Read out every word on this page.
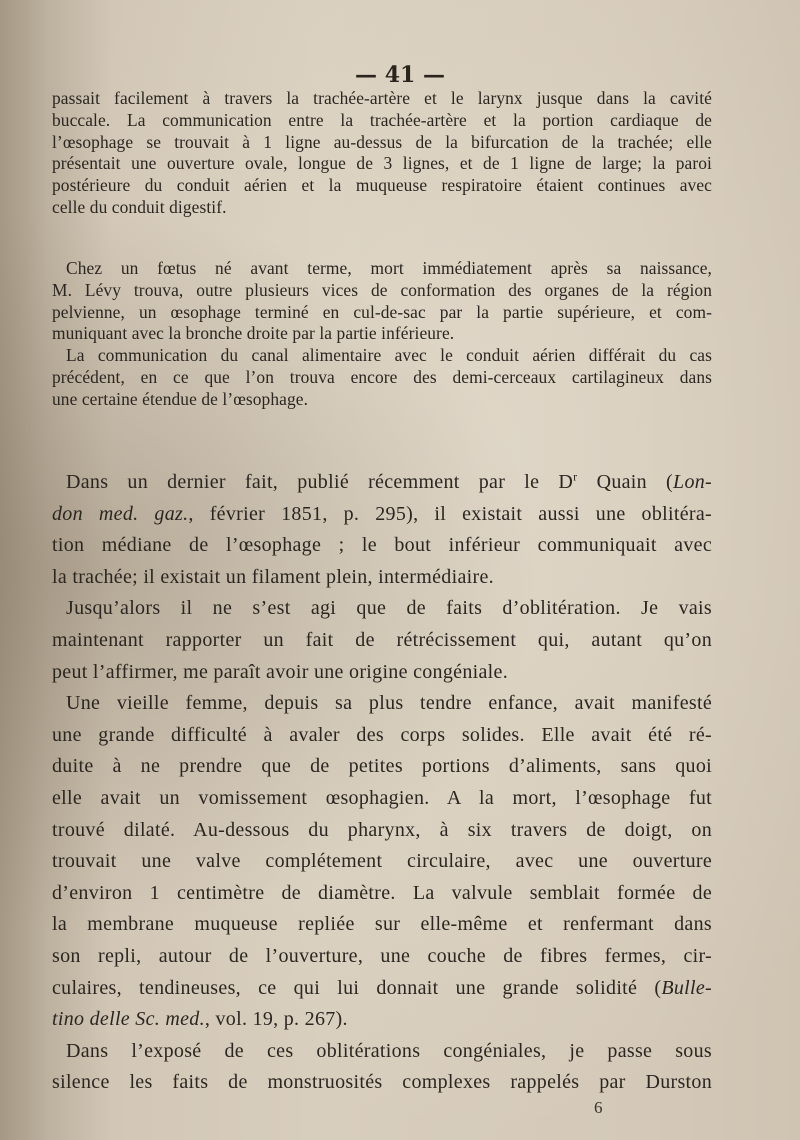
— 41 —
passait facilement à travers la trachée-artère et le larynx jusque dans la cavité
buccale. La communication entre la trachée-artère et la portion cardiaque de
l’œsophage se trouvait à 1 ligne au-dessus de la bifurcation de la trachée; elle
présentait une ouverture ovale, longue de 3 lignes, et de 1 ligne de large; la paroi
postérieure du conduit aérien et la muqueuse respiratoire étaient continues avec
celle du conduit digestif.
Chez un fœtus né avant terme, mort immédiatement après sa naissance,
M. Lévy trouva, outre plusieurs vices de conformation des organes de la région
pelvienne, un œsophage terminé en cul-de-sac par la partie supérieure, et com-
muniquant avec la bronche droite par la partie inférieure.
La communication du canal alimentaire avec le conduit aérien différait du cas
précédent, en ce que l’on trouva encore des demi-cerceaux cartilagineux dans
une certaine étendue de l’œsophage.
Dans un dernier fait, publié récemment par le $D^r$ Quain (Lon-
don med. gaz., février 1851, p. 295), il existait aussi une oblitéra-
tion médiane de l’œsophage ; le bout inférieur communiquait avec
la trachée; il existait un filament plein, intermédiaire.
Jusqu’alors il ne s’est agi que de faits d’oblitération. Je vais
maintenant rapporter un fait de rétrécissement qui, autant qu’on
peut l’affirmer, me paraît avoir une origine congéniale.
Une vieille femme, depuis sa plus tendre enfance, avait manifesté
une grande difficulté à avaler des corps solides. Elle avait été ré-
duite à ne prendre que de petites portions d’aliments, sans quoi
elle avait un vomissement œsophagien. A la mort, l’œsophage fut
trouvé dilaté. Au-dessous du pharynx, à six travers de doigt, on
trouvait une valve complétement circulaire, avec une ouverture
d’environ 1 centimètre de diamètre. La valvule semblait formée de
la membrane muqueuse repliée sur elle-même et renfermant dans
son repli, autour de l’ouverture, une couche de fibres fermes, cir-
culaires, tendineuses, ce qui lui donnait une grande solidité (Bulle-
tino delle Sc. med., vol. 19, p. 267).
Dans l’exposé de ces oblitérations congéniales, je passe sous
silence les faits de monstruosités complexes rappelés par Durston
6
